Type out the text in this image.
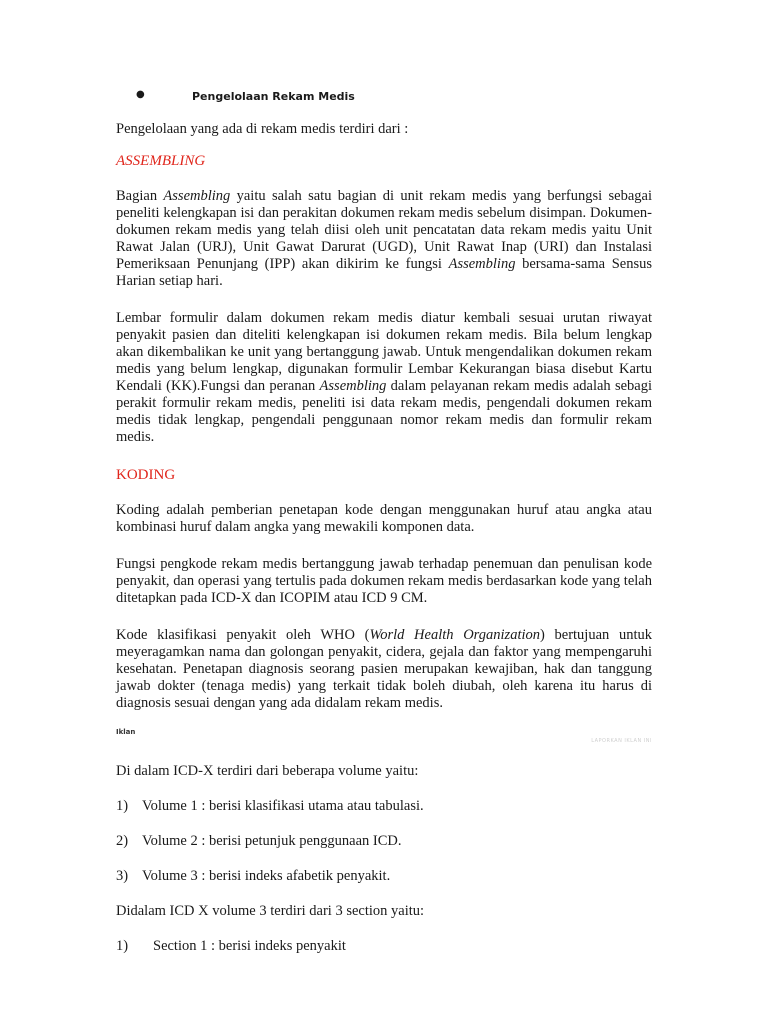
●	Pengelolaan Rekam Medis

Pengelolaan yang ada di rekam medis terdiri dari :

ASSEMBLING

Bagian Assembling yaitu salah satu bagian di unit rekam medis yang berfungsi sebagai peneliti kelengkapan isi dan perakitan dokumen rekam medis sebelum disimpan. Dokumen-dokumen rekam medis yang telah diisi oleh unit pencatatan data rekam medis yaitu Unit Rawat Jalan (URJ), Unit Gawat Darurat (UGD), Unit Rawat Inap (URI) dan Instalasi Pemeriksaan Penunjang (IPP) akan dikirim ke fungsi Assembling bersama-sama Sensus Harian setiap hari.

Lembar formulir dalam dokumen rekam medis diatur kembali sesuai urutan riwayat penyakit pasien dan diteliti kelengkapan isi dokumen rekam medis. Bila belum lengkap akan dikembalikan ke unit yang bertanggung jawab. Untuk mengendalikan dokumen rekam medis yang belum lengkap, digunakan formulir Lembar Kekurangan biasa disebut Kartu Kendali (KK).Fungsi dan peranan Assembling dalam pelayanan rekam medis adalah sebagi perakit formulir rekam medis, peneliti isi data rekam medis, pengendali dokumen rekam medis tidak lengkap, pengendali penggunaan nomor rekam medis dan formulir rekam medis.

KODING

Koding adalah pemberian penetapan kode dengan menggunakan huruf atau angka atau kombinasi huruf dalam angka yang mewakili komponen data.

Fungsi pengkode rekam medis bertanggung jawab terhadap penemuan dan penulisan kode penyakit, dan operasi yang tertulis pada dokumen rekam medis berdasarkan kode yang telah ditetapkan pada ICD-X dan ICOPIM atau ICD 9 CM.

Kode klasifikasi penyakit oleh WHO (World Health Organization) bertujuan untuk meyeragamkan nama dan golongan penyakit, cidera, gejala dan faktor yang mempengaruhi kesehatan. Penetapan diagnosis seorang pasien merupakan kewajiban, hak dan tanggung jawab dokter (tenaga medis) yang terkait tidak boleh diubah, oleh karena itu harus di diagnosis sesuai dengan yang ada didalam rekam medis.

Iklan
LAPORKAN IKLAN INI

Di dalam ICD-X terdiri dari beberapa volume yaitu:

1) Volume 1 : berisi klasifikasi utama atau tabulasi.
2) Volume 2 : berisi petunjuk penggunaan ICD.
3) Volume 3 : berisi indeks afabetik penyakit.

Didalam ICD X volume 3 terdiri dari 3 section yaitu:

1) Section 1 : berisi indeks penyakit
